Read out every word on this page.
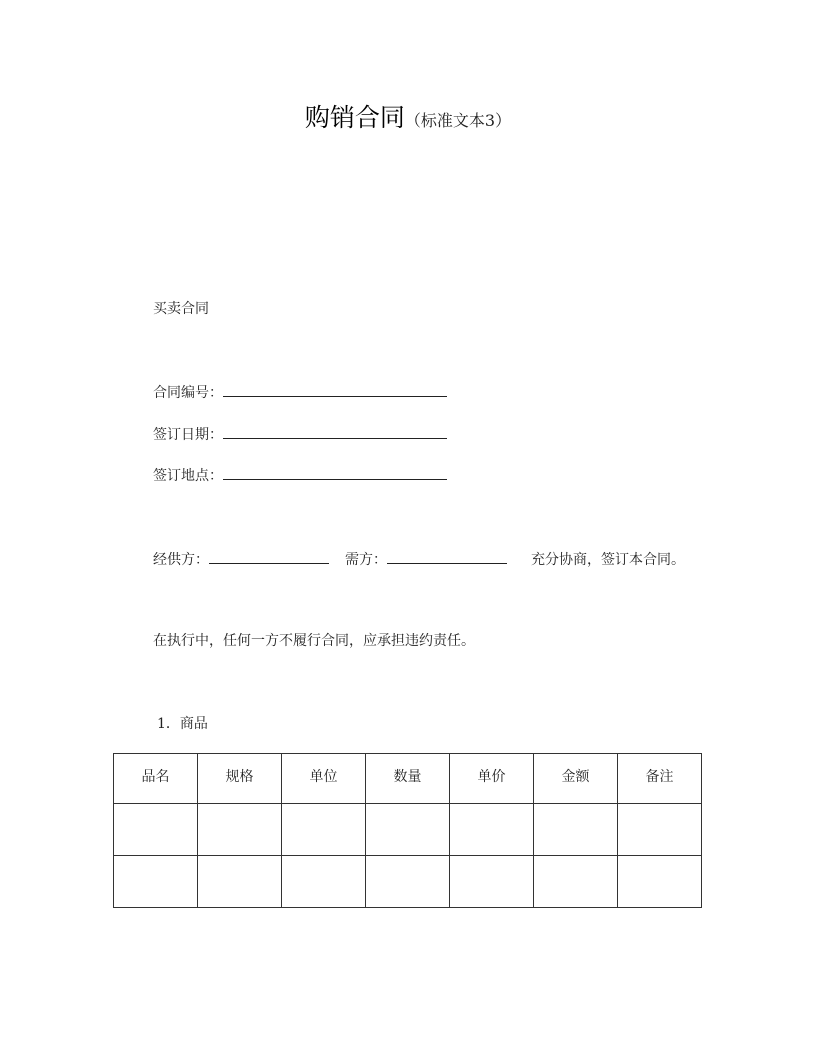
购销合同（标准文本3）
买卖合同
合同编号：
签订日期：
签订地点：
经供方：	需方：	充分协商，签订本合同。
在执行中，任何一方不履行合同，应承担违约责任。
1．商品
品名	规格	单位	数量	单价	金额	备注
